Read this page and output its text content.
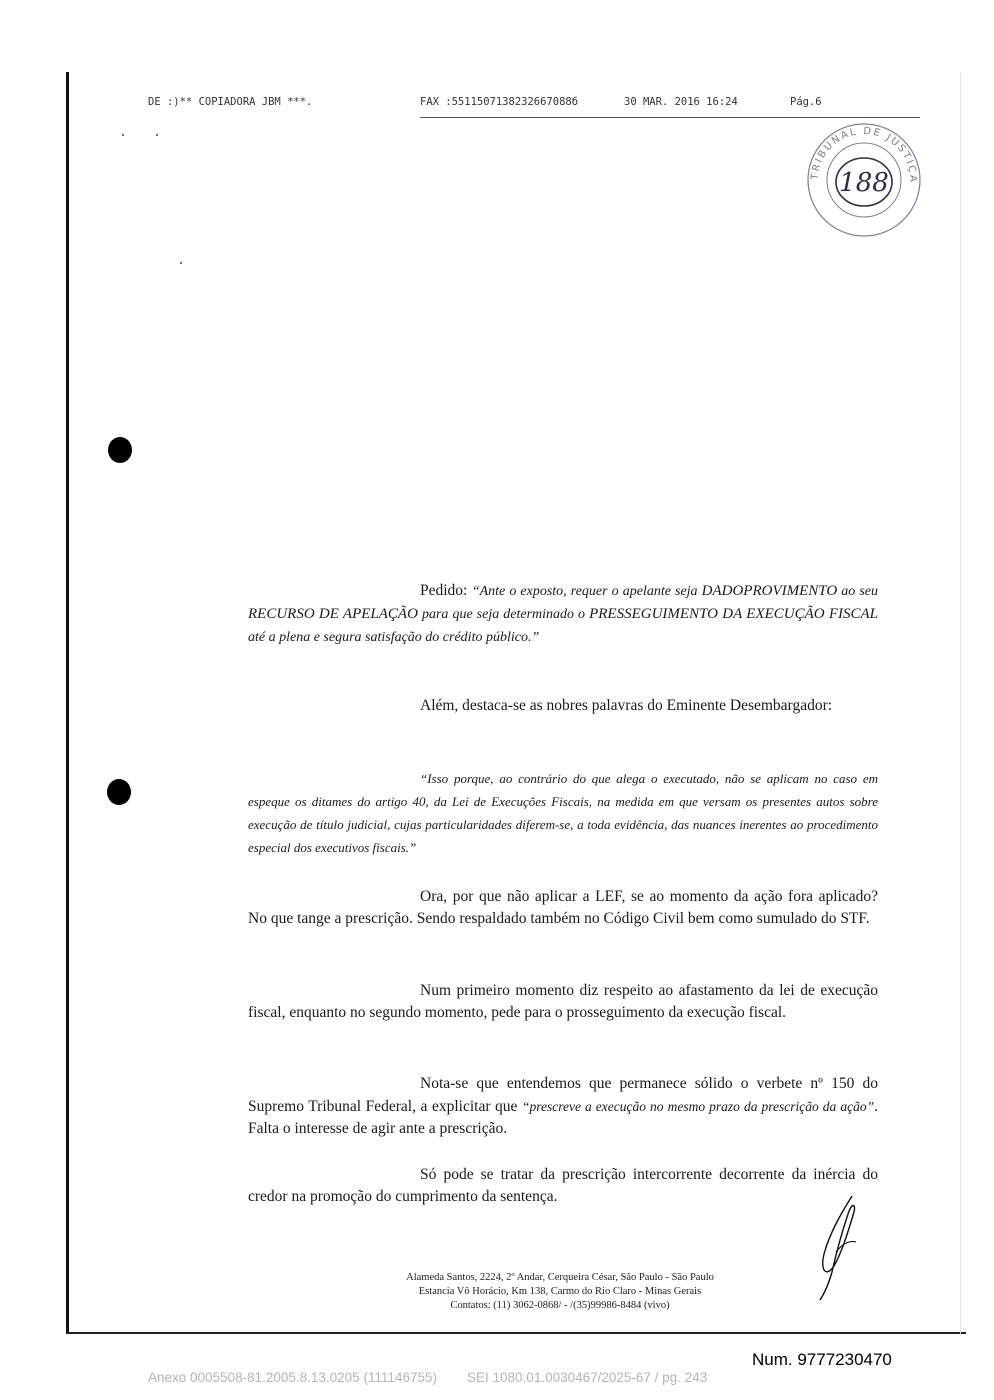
DE :)** COPIADORA JBM ***.	FAX :5511507138232667088б	30 MAR. 2016 16:24	Pág.6
TRIBUNAL DE JUSTIÇA
188

Pedido: “Ante o exposto, requer o apelante seja DADOPROVIMENTO ao seu RECURSO DE APELAÇÃO para que seja determinado o PRESSEGUIMENTO DA EXECUÇÃO FISCAL até a plena e segura satisfação do crédito público.”

Além, destaca-se as nobres palavras do Eminente Desembargador:

“Isso porque, ao contrário do que alega o executado, não se aplicam no caso em espeque os ditames do artigo 40, da Lei de Execuções Fiscais, na medida em que versam os presentes autos sobre execução de título judicial, cujas particularidades diferem-se, a toda evidência, das nuances inerentes ao procedimento especial dos executivos fiscais.”

Ora, por que não aplicar a LEF, se ao momento da ação fora aplicado? No que tange a prescrição. Sendo respaldado também no Código Civil bem como sumulado do STF.

Num primeiro momento diz respeito ao afastamento da lei de execução fiscal, enquanto no segundo momento, pede para o prosseguimento da execução fiscal.

Nota-se que entendemos que permanece sólido o verbete nº 150 do Supremo Tribunal Federal, a explicitar que “prescreve a execução no mesmo prazo da prescrição da ação”. Falta o interesse de agir ante a prescrição.

Só pode se tratar da prescrição intercorrente decorrente da inércia do credor na promoção do cumprimento da sentença.

Alameda Santos, 2224, 2º Andar, Cerqueira César, São Paulo - São Paulo
Estancia Vô Horácio, Km 138, Carmo do Rio Claro - Minas Gerais
Contatos: (11) 3062-0868/ - /(35)99986-8484 (vivo)
Num. 9777230470
Anexo 0005508-81.2005.8.13.0205 (111146755)        SEI 1080.01.0030467/2025-67 / pg. 243
